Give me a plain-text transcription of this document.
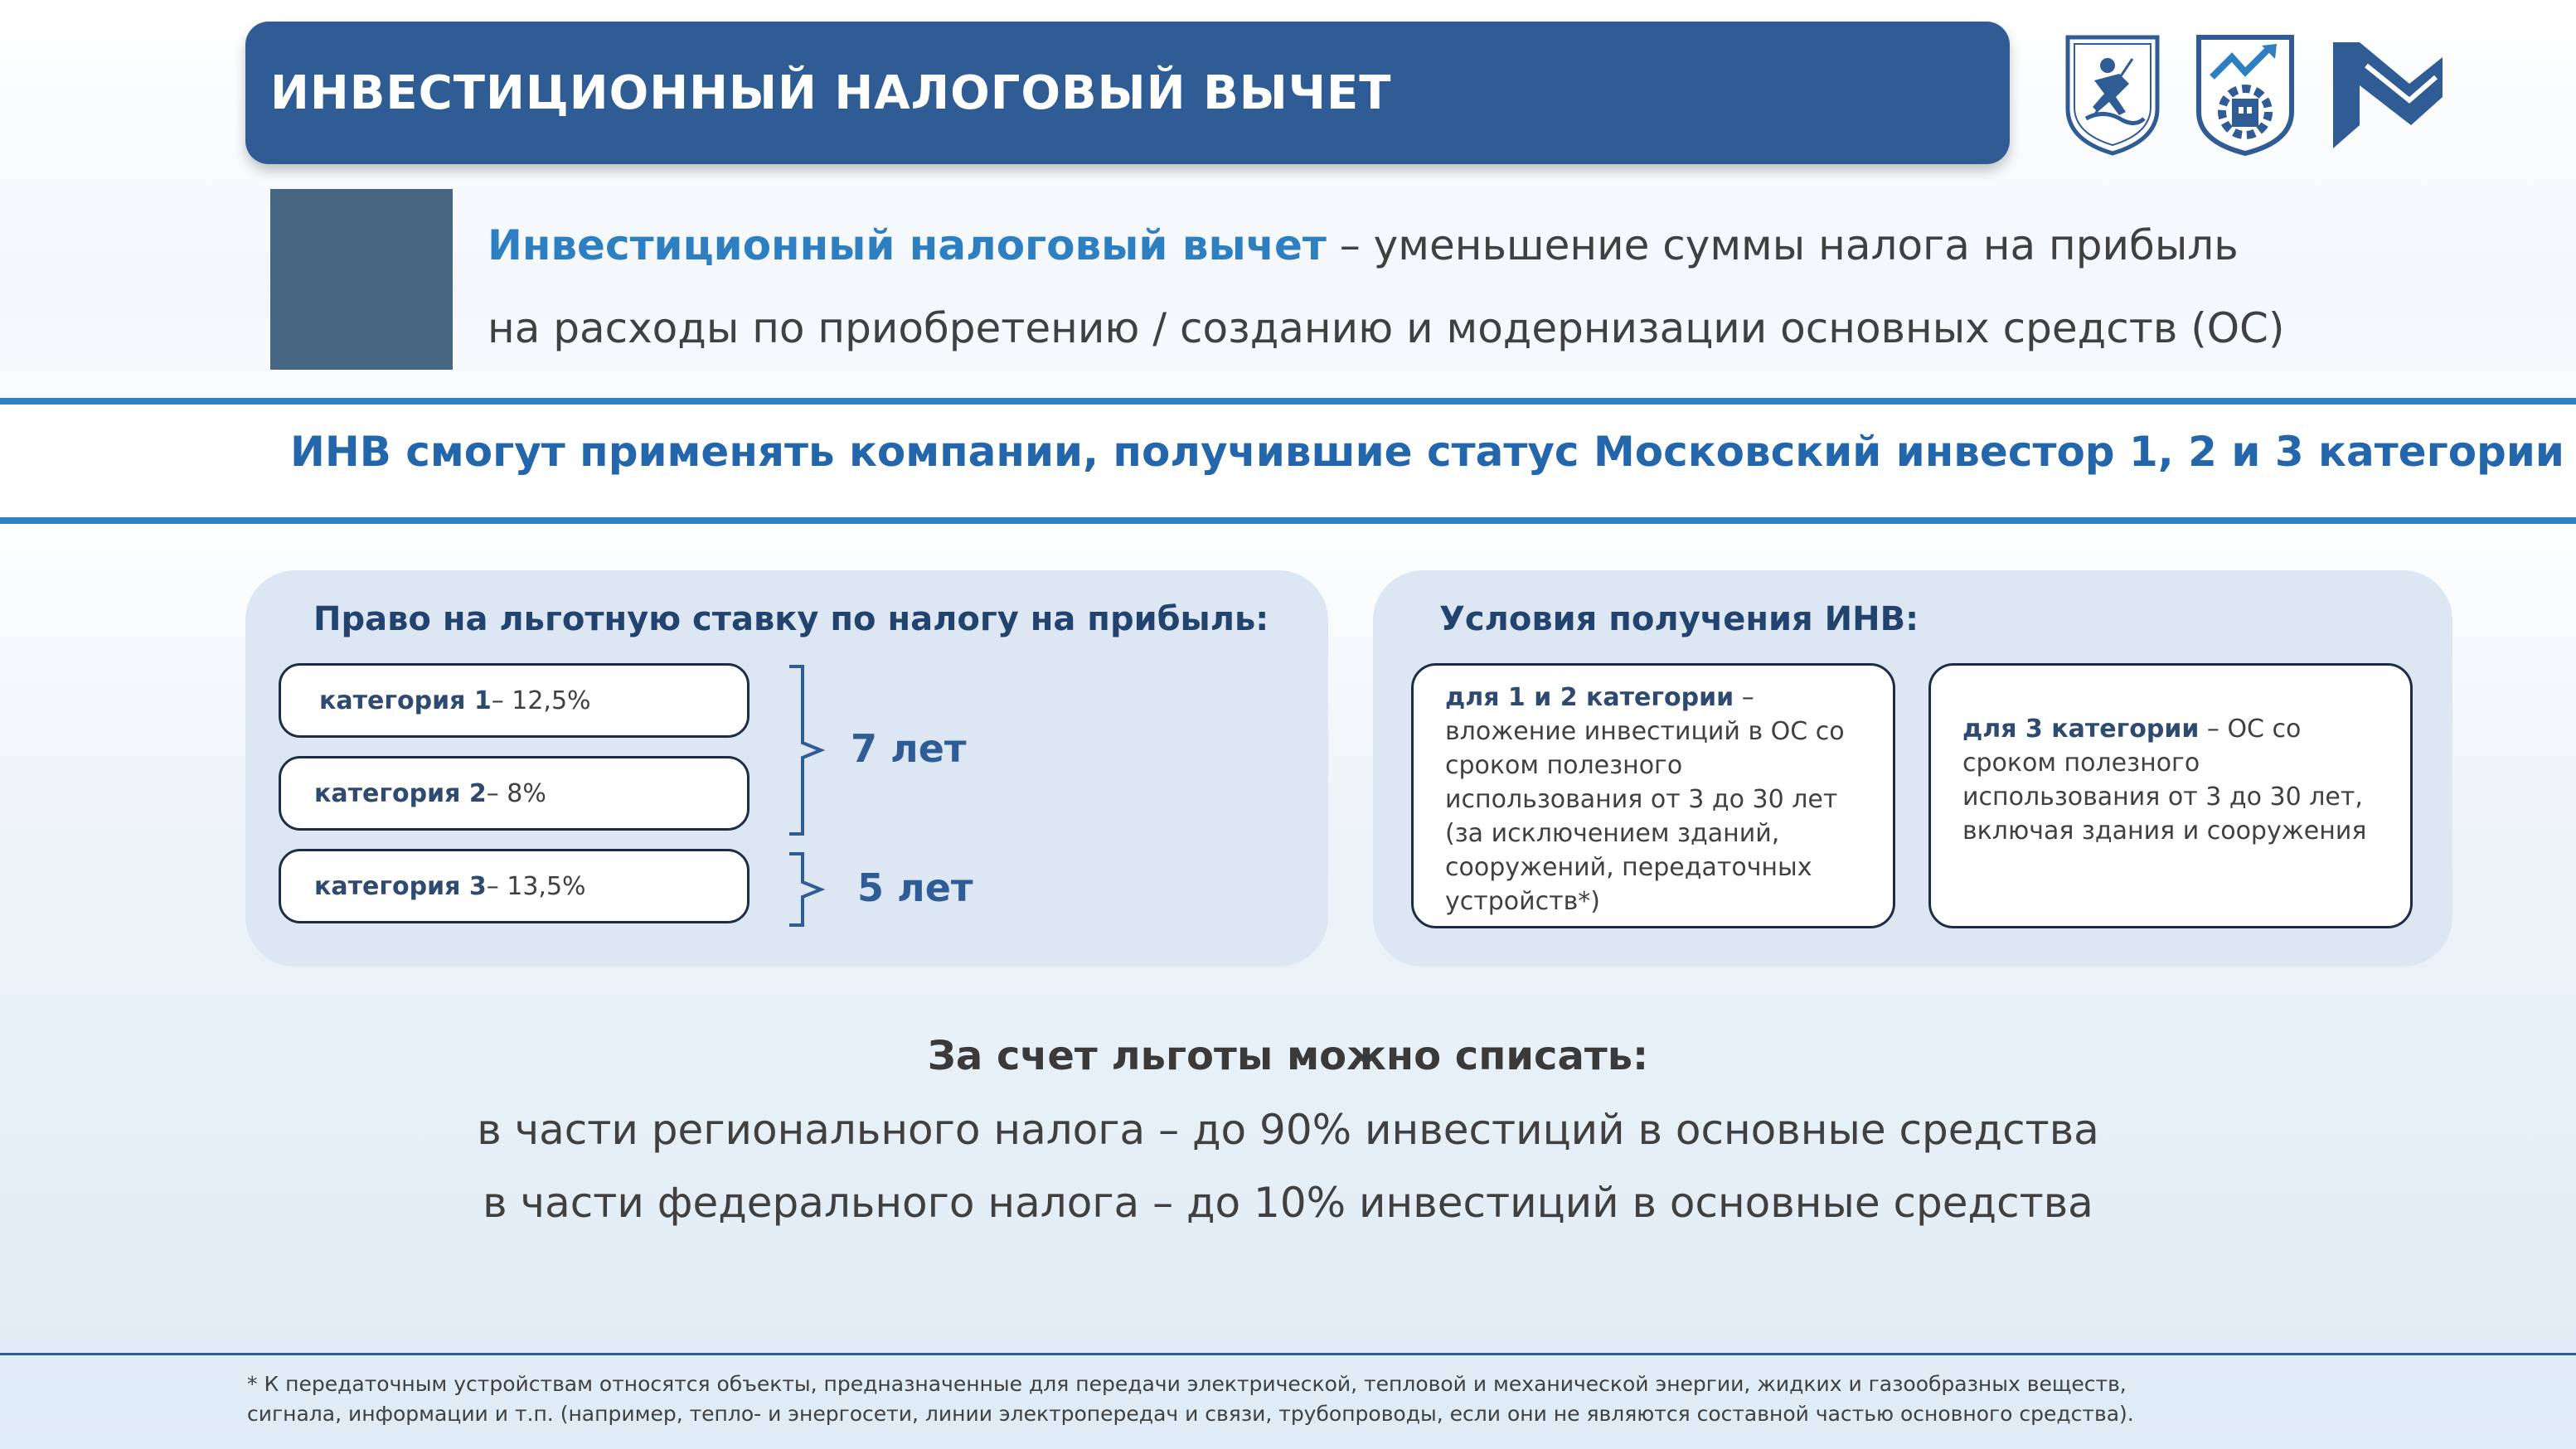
ИНВЕСТИЦИОННЫЙ НАЛОГОВЫЙ ВЫЧЕТ
Инвестиционный налоговый вычет – уменьшение суммы налога на прибыль
на расходы по приобретению / созданию и модернизации основных средств (ОС)
ИНВ смогут применять компании, получившие статус Московский инвестор 1, 2 и 3 категории
Право на льготную ставку по налогу на прибыль:
категория 1 – 12,5%
категория 2 – 8%
категория 3 – 13,5%
7 лет
5 лет
Условия получения ИНВ:
для 1 и 2 категории – вложение инвестиций в ОС со сроком полезного использования от 3 до 30 лет (за исключением зданий, сооружений, передаточных устройств*)
для 3 категории – ОС со сроком полезного использования от 3 до 30 лет, включая здания и сооружения
За счет льготы можно списать:
в части регионального налога – до 90% инвестиций в основные средства
в части федерального налога – до 10% инвестиций в основные средства
* К передаточным устройствам относятся объекты, предназначенные для передачи электрической, тепловой и механической энергии, жидких и газообразных веществ,
сигнала, информации и т.п. (например, тепло- и энергосети, линии электропередач и связи, трубопроводы, если они не являются составной частью основного средства).
